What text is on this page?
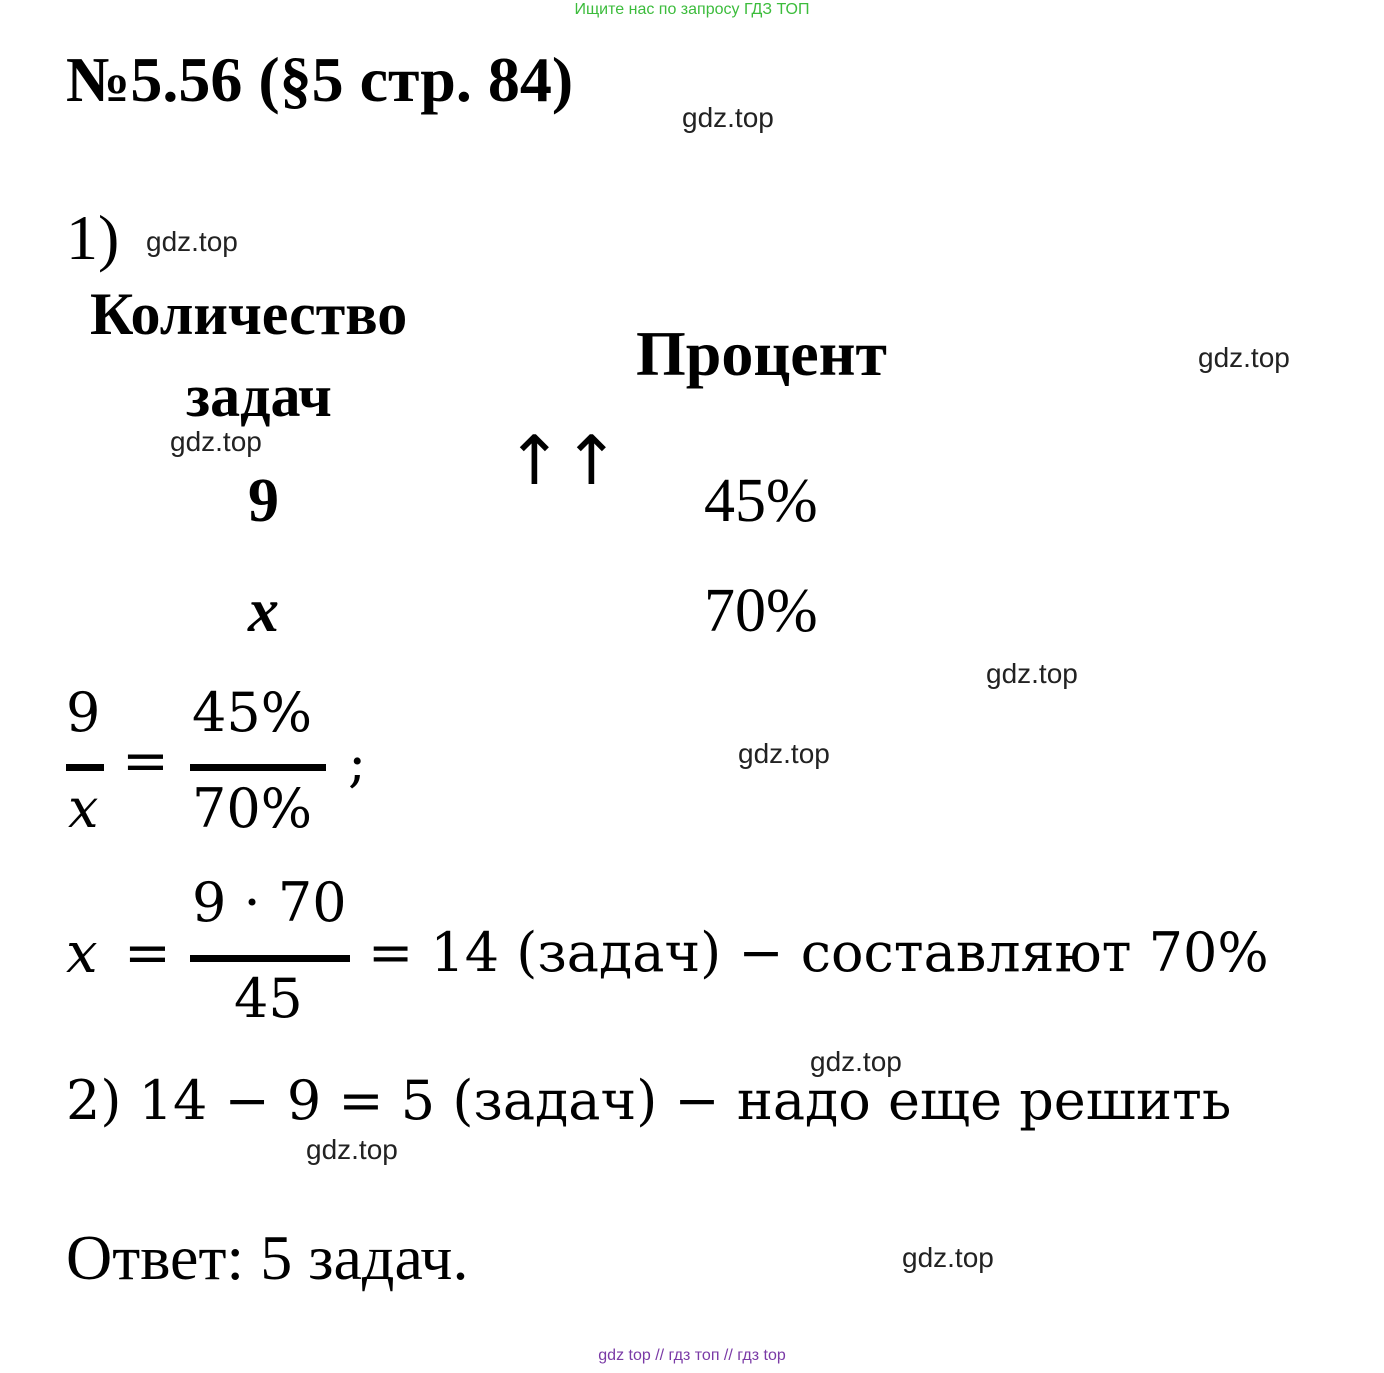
Ищите нас по запросу ГДЗ ТОП
№5.56 (§5 стр. 84)
gdz.top
gdz.top
gdz.top
gdz.top
gdz.top
gdz.top
gdz.top
gdz.top
gdz.top
1)
Количество
задач
Процент
↑↑
9	45%
x	70%
9
x
=
45%
70%
;
x =
9 · 70
45
= 14 (задач) − составляют 70%
2) 14 − 9 = 5 (задач) − надо еще решить
Ответ: 5 задач.
gdz top // гдз топ // гдз top
